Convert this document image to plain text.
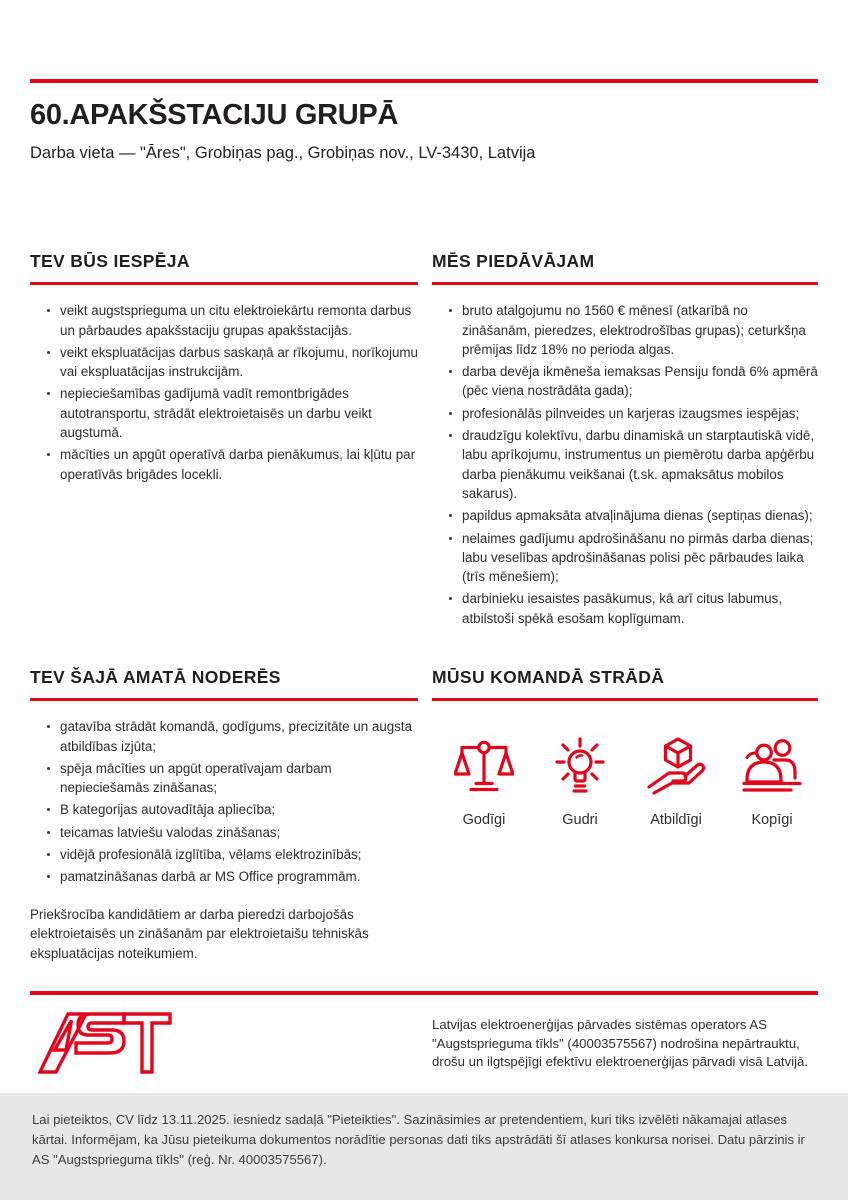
60.APAKŠSTACIJU GRUPĀ

Darba vieta — "Āres", Grobiņas pag., Grobiņas nov., LV-3430, Latvija

TEV BŪS IESPĒJA
veikt augstsprieguma un citu elektroiekārtu remonta darbus un pārbaudes apakšstaciju grupas apakšstacijās.
veikt ekspluatācijas darbus saskaņā ar rīkojumu, norīkojumu vai ekspluatācijas instrukcijām.
nepieciešamības gadījumā vadīt remontbrigādes autotransportu, strādāt elektroietaisēs un darbu veikt augstumā.
mācīties un apgūt operatīvā darba pienākumus, lai kļūtu par operatīvās brigādes locekli.
MĒS PIEDĀVĀJAM
bruto atalgojumu no 1560 € mēnesī (atkarībā no zināšanām, pieredzes, elektrodrošības grupas); ceturkšņa prēmijas līdz 18% no perioda algas.
darba devēja ikmēneša iemaksas Pensiju fondā 6% apmērā (pēc viena nostrādāta gada);
profesionālās pilnveides un karjeras izaugsmes iespējas;
draudzīgu kolektīvu, darbu dinamiskā un starptautiskā vidē, labu aprīkojumu, instrumentus un piemērotu darba apģērbu darba pienākumu veikšanai (t.sk. apmaksātus mobilos sakarus).
papildus apmaksāta atvaļinājuma dienas (septiņas dienas);
nelaimes gadījumu apdrošināšanu no pirmās darba dienas; labu veselības apdrošināšanas polisi pēc pārbaudes laika (trīs mēnešiem);
darbinieku iesaistes pasākumus, kā arī citus labumus, atbilstoši spēkā esošam koplīgumam.
TEV ŠAJĀ AMATĀ NODERĒS
gatavība strādāt komandā, godīgums, precizitāte un augsta atbildības izjūta;
spēja mācīties un apgūt operatīvajam darbam nepieciešamās zināšanas;
B kategorijas autovadītāja apliecība;
teicamas latviešu valodas zināšanas;
vidējā profesionālā izglītība, vēlams elektrozinībās;
pamatzināšanas darbā ar MS Office programmām.

Priekšrocība kandidātiem ar darba pieredzi darbojošās elektroietaisēs un zināšanām par elektroietaišu tehniskās ekspluatācijas noteikumiem.

MŪSU KOMANDĀ STRĀDĀ
Godīgi	Gudri	Atbildīgi	Kopīgi
Latvijas elektroenerģijas pārvades sistēmas operators AS "Augstsprieguma tīkls" (40003575567) nodrošina nepārtrauktu, drošu un ilgtspējīgi efektīvu elektroenerģijas pārvadi visā Latvijā.
Lai pieteiktos, CV līdz 13.11.2025. iesniedz sadaļā "Pieteikties". Sazināsimies ar pretendentiem, kuri tiks izvēlēti nākamajai atlases kārtai. Informējam, ka Jūsu pieteikuma dokumentos norādītie personas dati tiks apstrādāti šī atlases konkursa norisei. Datu pārzinis ir AS "Augstsprieguma tīkls" (reģ. Nr. 40003575567).
